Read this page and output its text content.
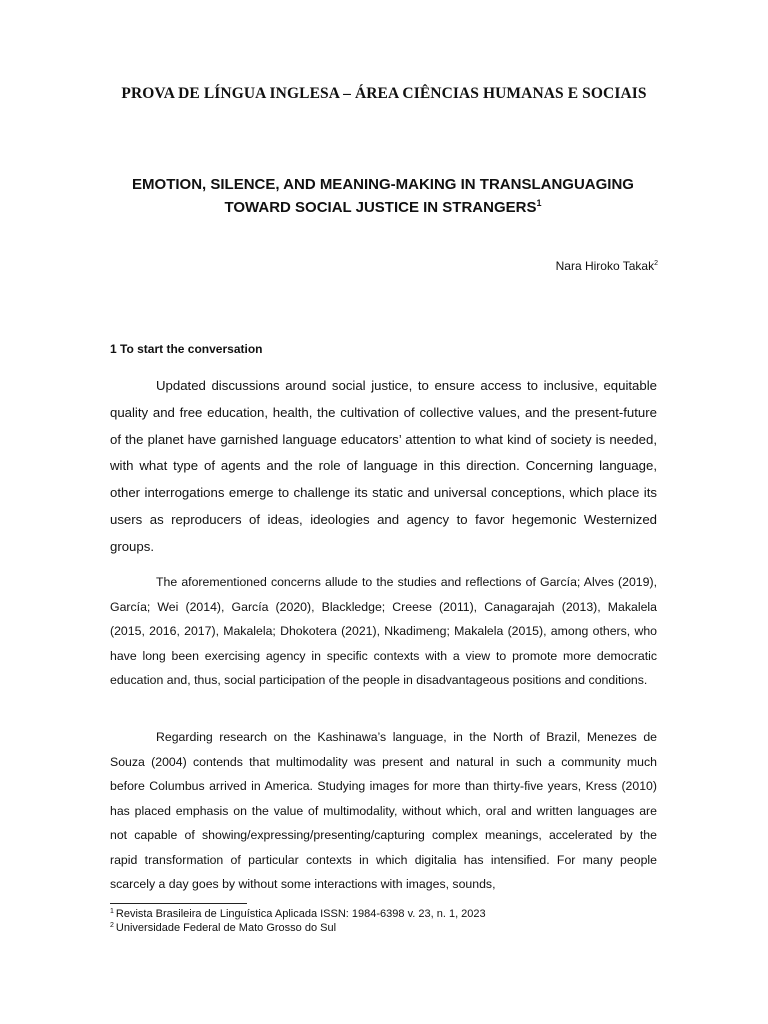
PROVA DE LÍNGUA INGLESA – ÁREA CIÊNCIAS HUMANAS E SOCIAIS
EMOTION, SILENCE, AND MEANING-MAKING IN TRANSLANGUAGING
TOWARD SOCIAL JUSTICE IN STRANGERS$^1$
Nara Hiroko Takak$^2$
1 To start the conversation

Updated discussions around social justice, to ensure access to inclusive, equitable quality and free education, health, the cultivation of collective values, and the present-future of the planet have garnished language educators’ attention to what kind of society is needed, with what type of agents and the role of language in this direction. Concerning language, other interrogations emerge to challenge its static and universal conceptions, which place its users as reproducers of ideas, ideologies and agency to favor hegemonic Westernized groups.

The aforementioned concerns allude to the studies and reflections of García; Alves (2019), García; Wei (2014), García (2020), Blackledge; Creese (2011), Canagarajah (2013), Makalela (2015, 2016, 2017), Makalela; Dhokotera (2021), Nkadimeng; Makalela (2015), among others, who have long been exercising agency in specific contexts with a view to promote more democratic education and, thus, social participation of the people in disadvantageous positions and conditions.

Regarding research on the Kashinawa’s language, in the North of Brazil, Menezes de Souza (2004) contends that multimodality was present and natural in such a community much before Columbus arrived in America. Studying images for more than thirty-five years, Kress (2010) has placed emphasis on the value of multimodality, without which, oral and written languages are not capable of showing/expressing/presenting/capturing complex meanings, accelerated by the rapid transformation of particular contexts in which digitalia has intensified. For many people scarcely a day goes by without some interactions with images, sounds,

$^1$ Revista Brasileira de Linguística Aplicada ISSN: 1984-6398 v. 23, n. 1, 2023
$^2$ Universidade Federal de Mato Grosso do Sul
